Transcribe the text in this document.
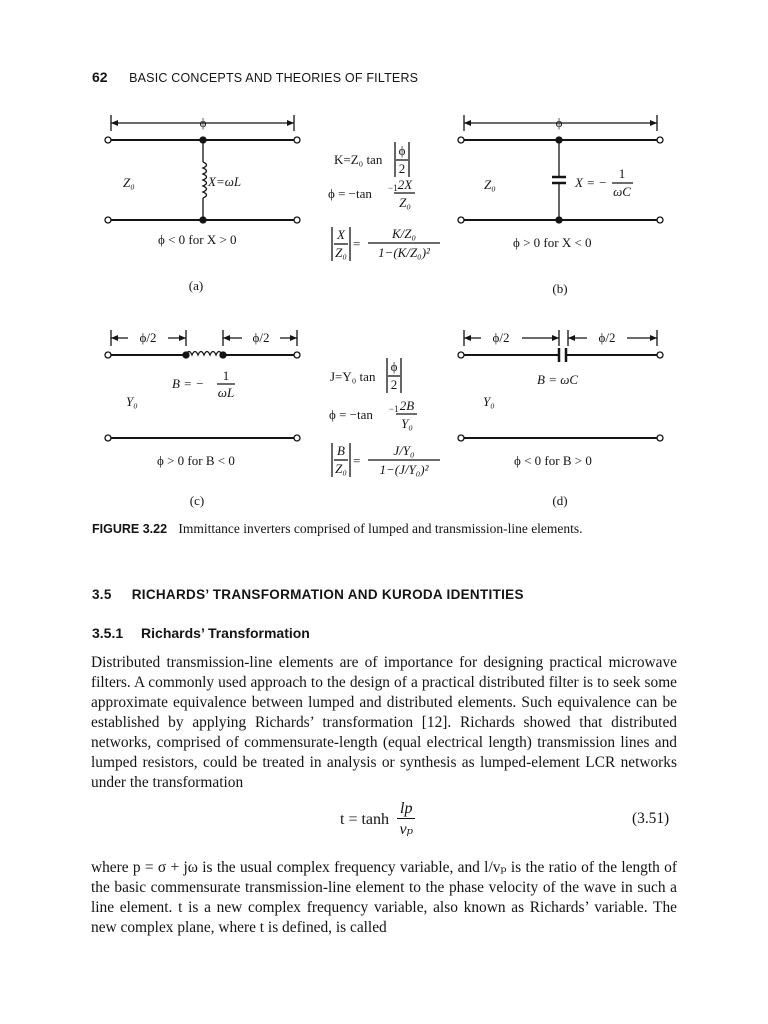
62 BASIC CONCEPTS AND THEORIES OF FILTERS
ϕ
Z₀	X=ωL
ϕ < 0 for X > 0
(a)
ϕ
Z₀	X = −
1
ωC
ϕ > 0 for X < 0
(b)
ϕ/2	ϕ/2
B = −
1
ωL
Y₀
ϕ > 0 for B < 0
(c)
ϕ/2	ϕ/2
B = ωC
Y₀
ϕ < 0 for B > 0
(d)
K=Z₀ tan
ϕ
2
ϕ = −tan −1 2X
Z₀
X
Z₀
=
K/Z₀
1−(K/Z₀)²
J=Y₀ tan
ϕ
2
ϕ = −tan −1 2B
Y₀
B
Z₀
=
J/Y₀
1−(J/Y₀)²
FIGURE 3.22 Immittance inverters comprised of lumped and transmission-line elements.
3.5 RICHARDS’ TRANSFORMATION AND KURODA IDENTITIES
3.5.1 Richards’ Transformation

Distributed transmission-line elements are of importance for designing practical microwave filters. A commonly used approach to the design of a practical distributed filter is to seek some approximate equivalence between lumped and distributed elements. Such equivalence can be established by applying Richards’ transformation [12]. Richards showed that distributed networks, comprised of commensurate-length (equal electrical length) transmission lines and lumped resistors, could be treated in analysis or synthesis as lumped-element LCR networks under the transformation

$t = \tanh \frac{lp}{\text{vₚ}}$	(3.51)

where p = σ + jω is the usual complex frequency variable, and l/vₚ is the ratio of the length of the basic commensurate transmission-line element to the phase velocity of the wave in such a line element. t is a new complex frequency variable, also known as Richards’ variable. The new complex plane, where t is defined, is called
